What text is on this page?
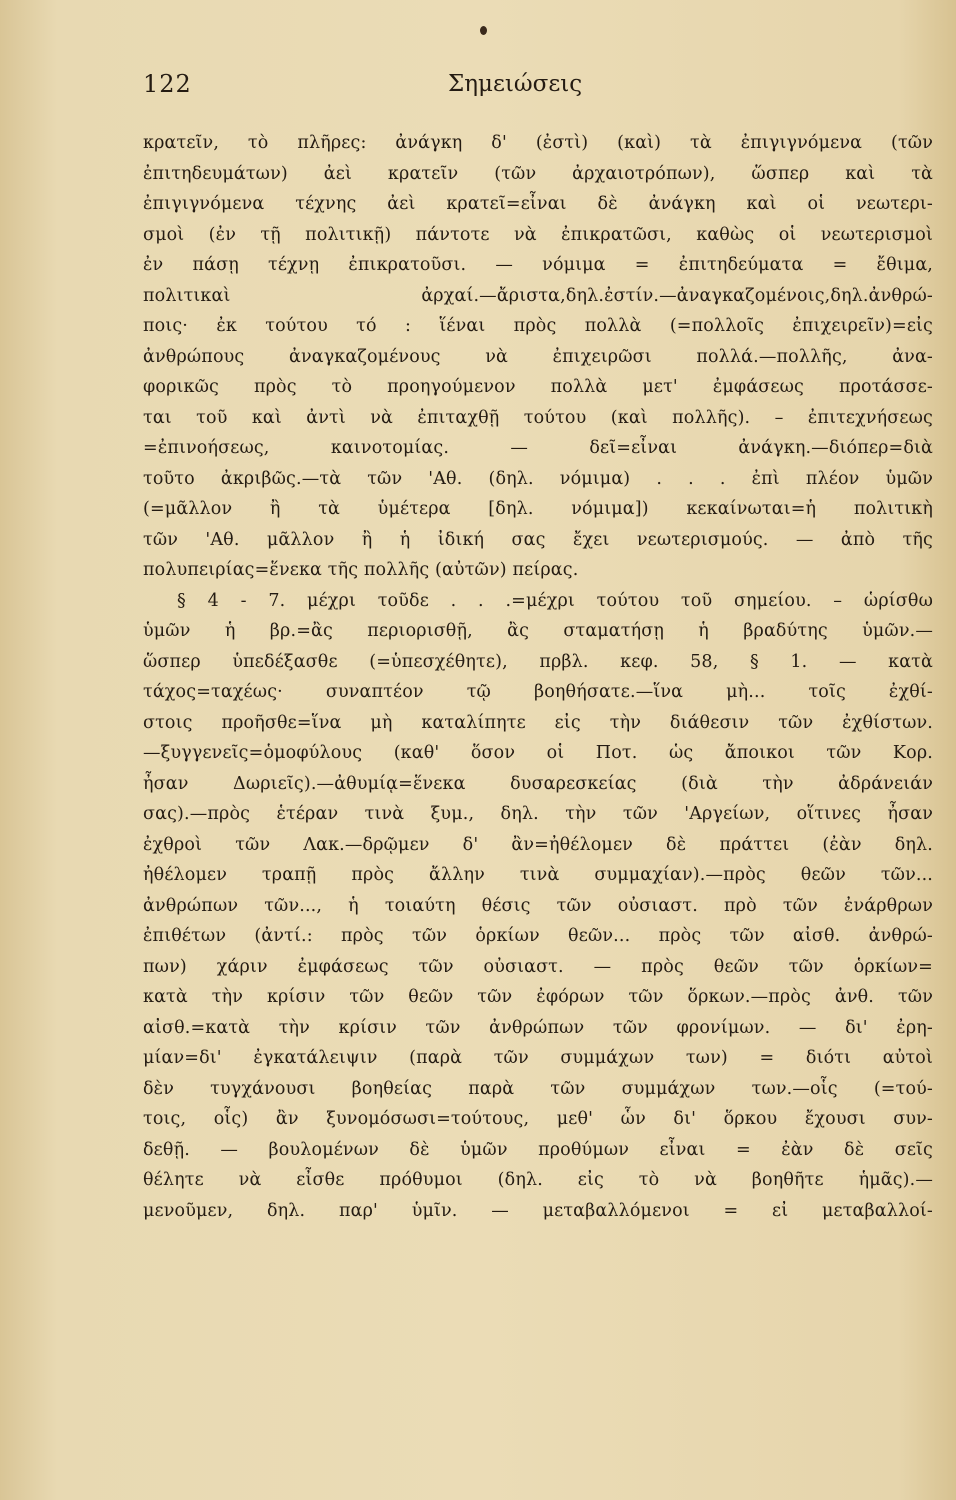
122	Σημειώσεις
κρατεῖν, τὸ πλῆρες: ἀνάγκη δ' (ἐστὶ) (καὶ) τὰ ἐπιγιγνόμενα (τῶν
ἐπιτηδευμάτων) ἀεὶ κρατεῖν (τῶν ἀρχαιοτρόπων), ὥσπερ καὶ τὰ
ἐπιγιγνόμενα τέχνης ἀεὶ κρατεῖ=εἶναι δὲ ἀνάγκη καὶ οἱ νεωτερι-
σμοὶ (ἐν τῇ πολιτικῇ) πάντοτε νὰ ἐπικρατῶσι, καθὼς οἱ νεωτερισμοὶ
ἐν πάσῃ τέχνῃ ἐπικρατοῦσι. — νόμιμα = ἐπιτηδεύματα = ἔθιμα,
πολιτικαὶ ἀρχαί.—ἄριστα,δηλ.ἐστίν.—ἀναγκαζομένοις,δηλ.ἀνθρώ-
ποις· ἐκ τούτου τό : ἵέναι πρὸς πολλὰ (=πολλοῖς ἐπιχειρεῖν)=εἰς
ἀνθρώπους ἀναγκαζομένους νὰ ἐπιχειρῶσι πολλά.—πολλῆς, ἀνα-
φορικῶς πρὸς τὸ προηγούμενον πολλὰ μετ' ἐμφάσεως προτάσσε-
ται τοῦ καὶ ἀντὶ νὰ ἐπιταχθῇ τούτου (καὶ πολλῆς). – ἐπιτεχνήσεως
=ἐπινοήσεως, καινοτομίας. — δεῖ=εἶναι ἀνάγκη.—διόπερ=διὰ
τοῦτο ἀκριβῶς.—τὰ τῶν 'Αθ. (δηλ. νόμιμα) . . . ἐπὶ πλέον ὑμῶν
(=μᾶλλον ἢ τὰ ὑμέτερα [δηλ. νόμιμα]) κεκαίνωται=ἡ πολιτικὴ
τῶν 'Αθ. μᾶλλον ἢ ἡ ἰδική σας ἔχει νεωτερισμούς. — ἀπὸ τῆς
πολυπειρίας=ἕνεκα τῆς πολλῆς (αὐτῶν) πείρας.
§ 4 - 7. μέχρι τοῦδε . . .=μέχρι τούτου τοῦ σημείου. – ὡρίσθω
ὑμῶν ἡ βρ.=ἂς περιορισθῇ, ἂς σταματήσῃ ἡ βραδύτης ὑμῶν.—
ὥσπερ ὑπεδέξασθε (=ὑπεσχέθητε), πρβλ. κεφ. 58, § 1. — κατὰ
τάχος=ταχέως· συναπτέον τῷ βοηθήσατε.—ἵνα μὴ... τοῖς ἐχθί-
στοις προῆσθε=ἵνα μὴ καταλίπητε εἰς τὴν διάθεσιν τῶν ἐχθίστων.
—ξυγγενεῖς=ὁμοφύλους (καθ' ὅσον οἱ Ποτ. ὡς ἄποικοι τῶν Κορ.
ἦσαν Δωριεῖς).—ἀθυμίᾳ=ἕνεκα δυσαρεσκείας (διὰ τὴν ἀδράνειάν
σας).—πρὸς ἑτέραν τινὰ ξυμ., δηλ. τὴν τῶν 'Αργείων, οἵτινες ἦσαν
ἐχθροὶ τῶν Λακ.—δρῷμεν δ' ἂν=ἠθέλομεν δὲ πράττει (ἐὰν δηλ.
ἠθέλομεν τραπῇ πρὸς ἄλλην τινὰ συμμαχίαν).—πρὸς θεῶν τῶν...
ἀνθρώπων τῶν..., ἡ τοιαύτη θέσις τῶν οὐσιαστ. πρὸ τῶν ἐνάρθρων
ἐπιθέτων (ἀντί.: πρὸς τῶν ὁρκίων θεῶν... πρὸς τῶν αἰσθ. ἀνθρώ-
πων) χάριν ἐμφάσεως τῶν οὐσιαστ. — πρὸς θεῶν τῶν ὁρκίων=
κατὰ τὴν κρίσιν τῶν θεῶν τῶν ἐφόρων τῶν ὅρκων.—πρὸς ἀνθ. τῶν
αἰσθ.=κατὰ τὴν κρίσιν τῶν ἀνθρώπων τῶν φρονίμων. — δι' ἐρη-
μίαν=δι' ἐγκατάλειψιν (παρὰ τῶν συμμάχων των) = διότι αὐτοὶ
δὲν τυγχάνουσι βοηθείας παρὰ τῶν συμμάχων των.—οἷς (=τού-
τοις, οἷς) ἂν ξυνομόσωσι=τούτους, μεθ' ὧν δι' ὅρκου ἔχουσι συν-
δεθῇ. — βουλομένων δὲ ὑμῶν προθύμων εἶναι = ἐὰν δὲ σεῖς
θέλητε νὰ εἶσθε πρόθυμοι (δηλ. εἰς τὸ νὰ βοηθῆτε ἡμᾶς).—
μενοῦμεν, δηλ. παρ' ὑμῖν. — μεταβαλλόμενοι = εἰ μεταβαλλοί-
